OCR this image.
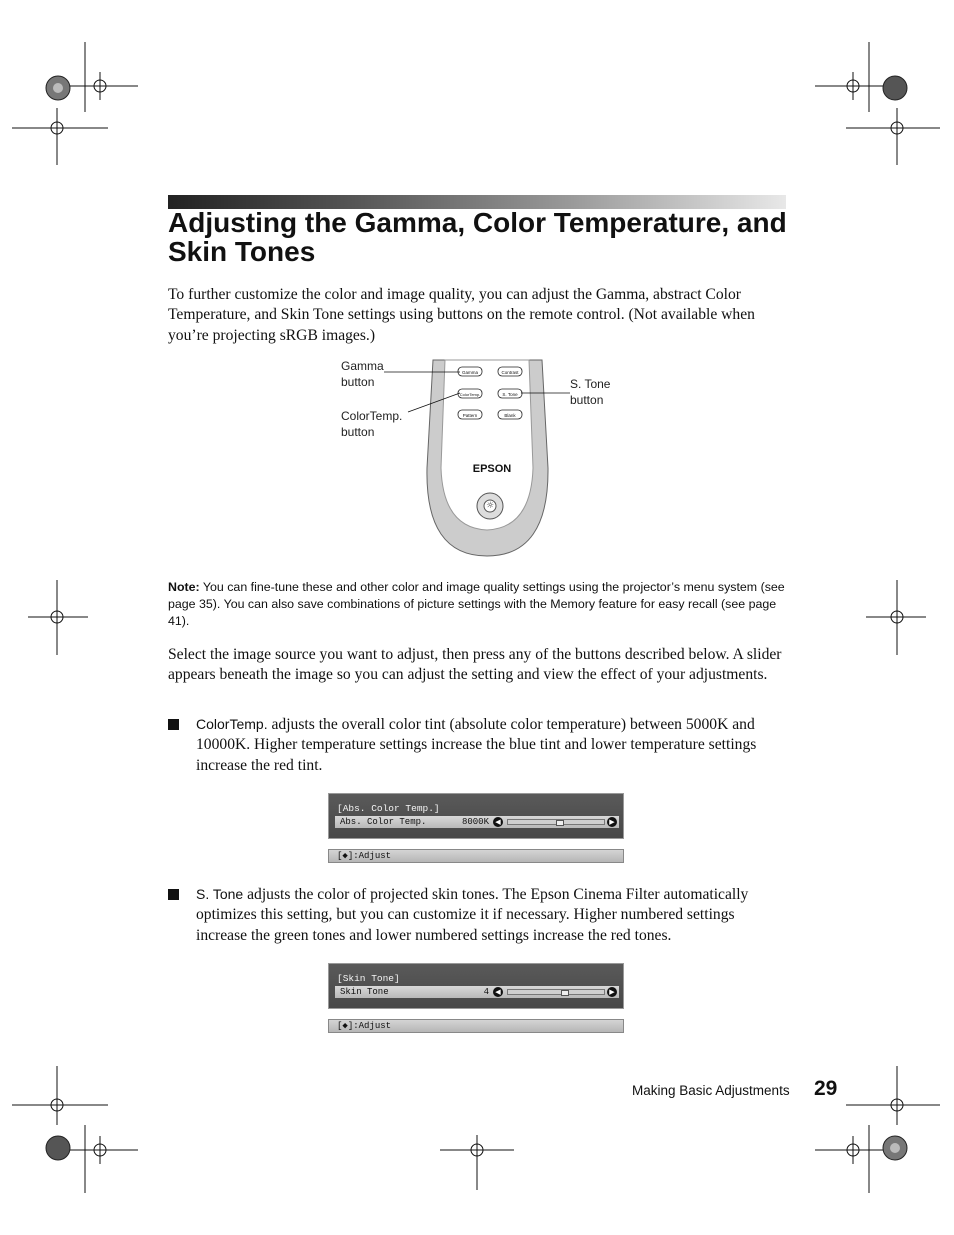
Adjusting the Gamma, Color Temperature, and Skin Tones

To further customize the color and image quality, you can adjust the Gamma, abstract Color Temperature, and Skin Tone settings using buttons on the remote control. (Not available when you’re projecting sRGB images.)

Gamma	Contrast
ColorTemp.	S. Tone
Pattern	Blank
EPSON
☼
Gamma
button
ColorTemp.
button
S. Tone
button

Note: You can fine-tune these and other color and image quality settings using the projector’s menu system (see page 35). You can also save combinations of picture settings with the Memory feature for easy recall (see page 41).

Select the image source you want to adjust, then press any of the buttons described below. A slider appears beneath the image so you can adjust the setting and view the effect of your adjustments.

ColorTemp. adjusts the overall color tint (absolute color temperature) between 5000K and 10000K. Higher temperature settings increase the blue tint and lower temperature settings increase the red tint.

[Abs. Color Temp.]
Abs. Color Temp.	8000K ◀	▶
[◆]:Adjust

S. Tone adjusts the color of projected skin tones. The Epson Cinema Filter automatically optimizes this setting, but you can customize it if necessary. Higher numbered settings increase the green tones and lower numbered settings increase the red tones.

[Skin Tone]
Skin Tone	4 ◀	▶
[◆]:Adjust
Making Basic Adjustments 29
